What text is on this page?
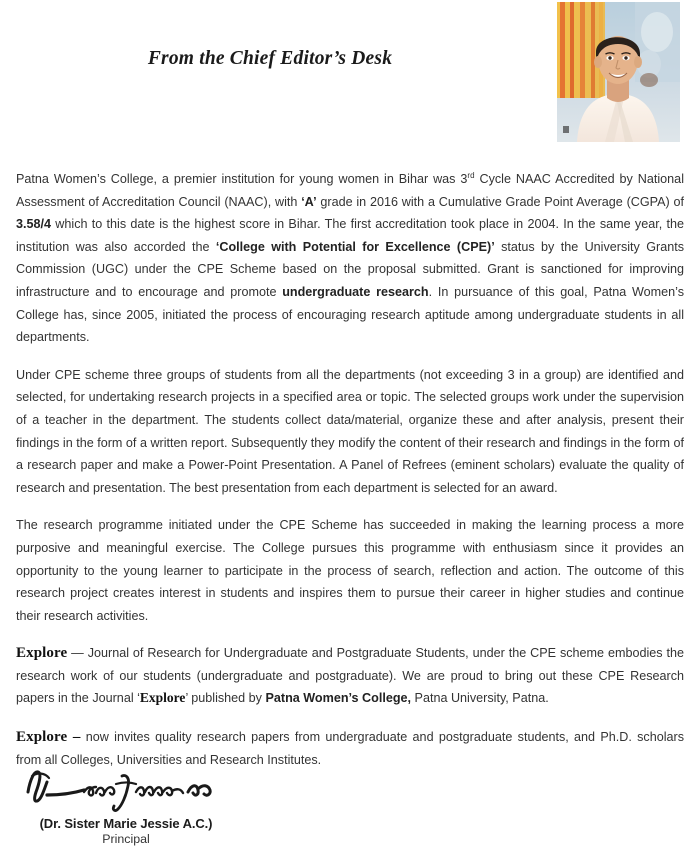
From the Chief Editor’s Desk

Patna Women’s College, a premier institution for young women in Bihar was 3rd Cycle NAAC Accredited by National Assessment of Accreditation Council (NAAC), with ‘A’ grade in 2016 with a Cumulative Grade Point Average (CGPA) of 3.58/4 which to this date is the highest score in Bihar. The first accreditation took place in 2004. In the same year, the institution was also accorded the ‘College with Potential for Excellence (CPE)’ status by the University Grants Commission (UGC) under the CPE Scheme based on the proposal submitted. Grant is sanctioned for improving infrastructure and to encourage and promote undergraduate research. In pursuance of this goal, Patna Women’s College has, since 2005, initiated the process of encouraging research aptitude among undergraduate students in all departments.

Under CPE scheme three groups of students from all the departments (not exceeding 3 in a group) are identified and selected, for undertaking research projects in a specified area or topic. The selected groups work under the supervision of a teacher in the department. The students collect data/material, organize these and after analysis, present their findings in the form of a written report. Subsequently they modify the content of their research and findings in the form of a research paper and make a Power-Point Presentation. A Panel of Refrees (eminent scholars) evaluate the quality of research and presentation. The best presentation from each department is selected for an award.

The research programme initiated under the CPE Scheme has succeeded in making the learning process a more purposive and meaningful exercise. The College pursues this programme with enthusiasm since it provides an opportunity to the young learner to participate in the process of search, reflection and action. The outcome of this research project creates interest in students and inspires them to pursue their career in higher studies and continue their research activities.

Explore — Journal of Research for Undergraduate and Postgraduate Students, under the CPE scheme embodies the research work of our students (undergraduate and postgraduate). We are proud to bring out these CPE Research papers in the Journal ‘Explore’ published by Patna Women’s College, Patna University, Patna.

Explore – now invites quality research papers from undergraduate and postgraduate students, and Ph.D. scholars from all Colleges, Universities and Research Institutes.

(Dr. Sister Marie Jessie A.C.)
Principal
